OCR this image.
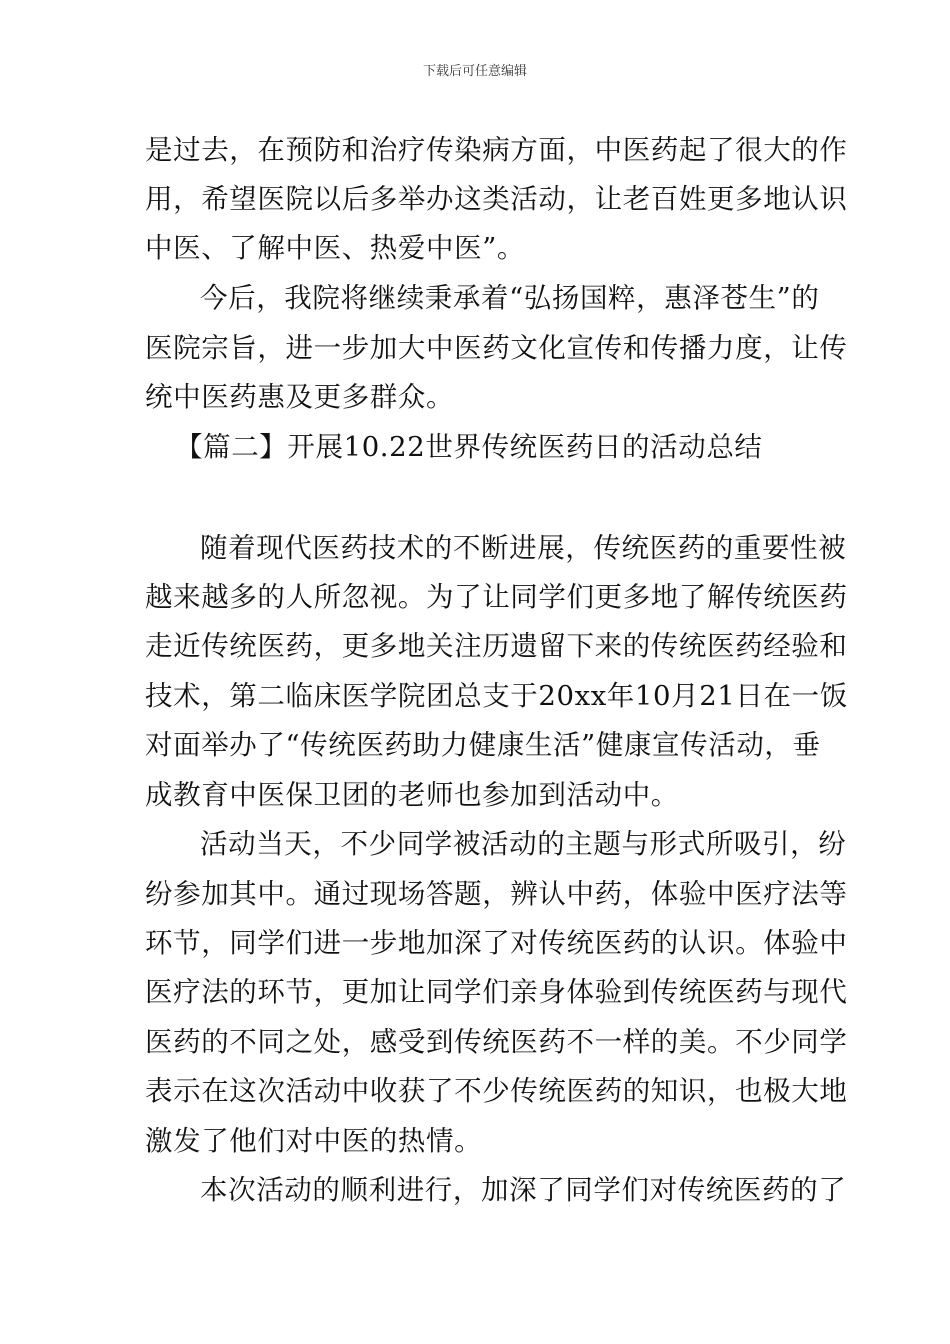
下载后可任意编辑
是过去，在预防和治疗传染病方面，中医药起了很大的作
用，希望医院以后多举办这类活动，让老百姓更多地认识
中医、了解中医、热爱中医”。
今后，我院将继续秉承着“弘扬国粹，惠泽苍生”的
医院宗旨，进一步加大中医药文化宣传和传播力度，让传
统中医药惠及更多群众。
【篇二】开展10.22世界传统医药日的活动总结
随着现代医药技术的不断进展，传统医药的重要性被
越来越多的人所忽视。为了让同学们更多地了解传统医药
走近传统医药，更多地关注历遗留下来的传统医药经验和
技术，第二临床医学院团总支于20xx年10月21日在一饭
对面举办了“传统医药助力健康生活”健康宣传活动，垂
成教育中医保卫团的老师也参加到活动中。
活动当天，不少同学被活动的主题与形式所吸引，纷
纷参加其中。通过现场答题，辨认中药，体验中医疗法等
环节，同学们进一步地加深了对传统医药的认识。体验中
医疗法的环节，更加让同学们亲身体验到传统医药与现代
医药的不同之处，感受到传统医药不一样的美。不少同学
表示在这次活动中收获了不少传统医药的知识，也极大地
激发了他们对中医的热情。
本次活动的顺利进行，加深了同学们对传统医药的了
